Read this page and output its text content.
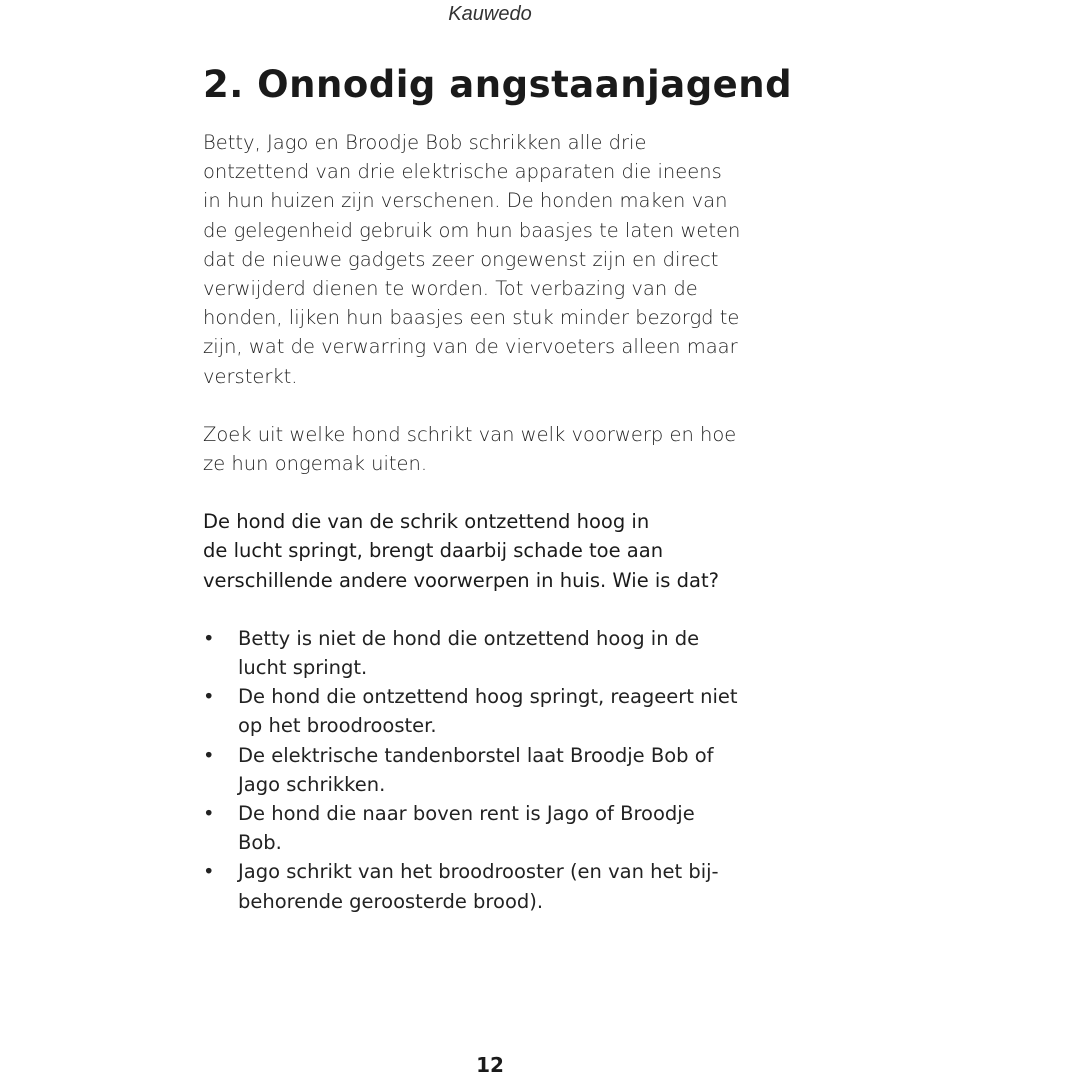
Kauwedo
2. Onnodig angstaanjagend

Betty, Jago en Broodje Bob schrikken alle drie
ontzettend van drie elektrische apparaten die ineens
in hun huizen zijn verschenen. De honden maken van
de gelegenheid gebruik om hun baasjes te laten weten
dat de nieuwe gadgets zeer ongewenst zijn en direct
verwijderd dienen te worden. Tot verbazing van de
honden, lijken hun baasjes een stuk minder bezorgd te
zijn, wat de verwarring van de viervoeters alleen maar
versterkt.

Zoek uit welke hond schrikt van welk voorwerp en hoe
ze hun ongemak uiten.

De hond die van de schrik ontzettend hoog in
de lucht springt, brengt daarbij schade toe aan
verschillende andere voorwerpen in huis. Wie is dat?

• Betty is niet de hond die ontzettend hoog in de
lucht springt.
• De hond die ontzettend hoog springt, reageert niet
op het broodrooster.
• De elektrische tandenborstel laat Broodje Bob of
Jago schrikken.
• De hond die naar boven rent is Jago of Broodje
Bob.
• Jago schrikt van het broodrooster (en van het bij-
behorende geroosterde brood).
12
